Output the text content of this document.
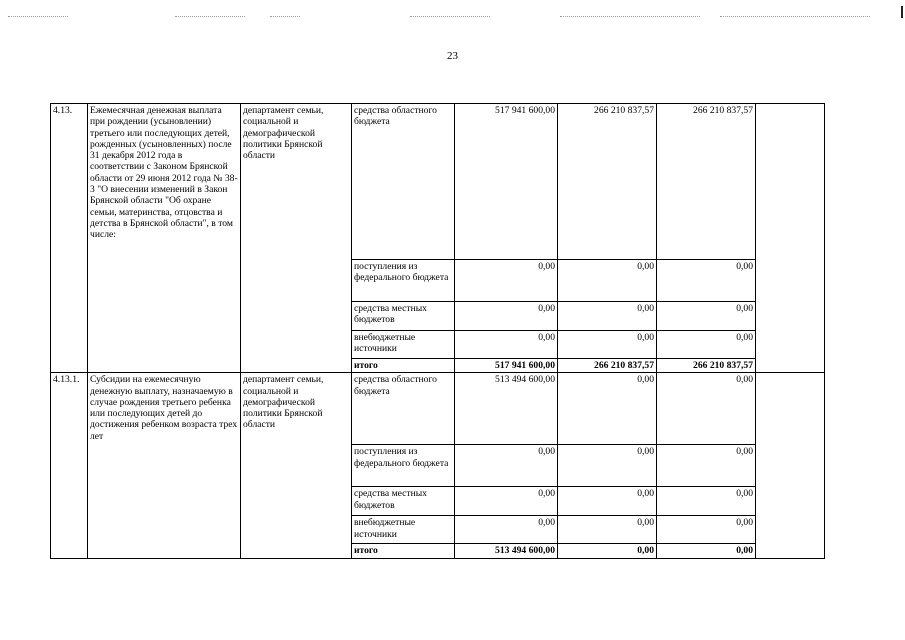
23
4.13.	Ежемесячная денежная выплата при рождении (усыновлении) третьего или последующих детей, рожденных (усыновленных) после 31 декабря 2012 года в соответствии с Законом Брянской области от 29 июня 2012 года № 38-3 "О внесении изменений в Закон Брянской области "Об охране семьи, материнства, отцовства и детства в Брянской области", в том числе:	департамент семьи, социальной и демографической политики Брянской области	средства областного бюджета	517 941 600,00	266 210 837,57	266 210 837,57	
			поступления из федерального бюджета	0,00	0,00	0,00	
			средства местных бюджетов	0,00	0,00	0,00	
			внебюджетные источники	0,00	0,00	0,00	
			итого	517 941 600,00	266 210 837,57	266 210 837,57	
4.13.1.	Субсидии на ежемесячную денежную выплату, назначаемую в случае рождения третьего ребенка или последующих детей до достижения ребенком возраста трех лет	департамент семьи, социальной и демографической политики Брянской области	средства областного бюджета	513 494 600,00	0,00	0,00	
			поступления из федерального бюджета	0,00	0,00	0,00	
			средства местных бюджетов	0,00	0,00	0,00	
			внебюджетные источники	0,00	0,00	0,00	
			итого	513 494 600,00	0,00	0,00	
